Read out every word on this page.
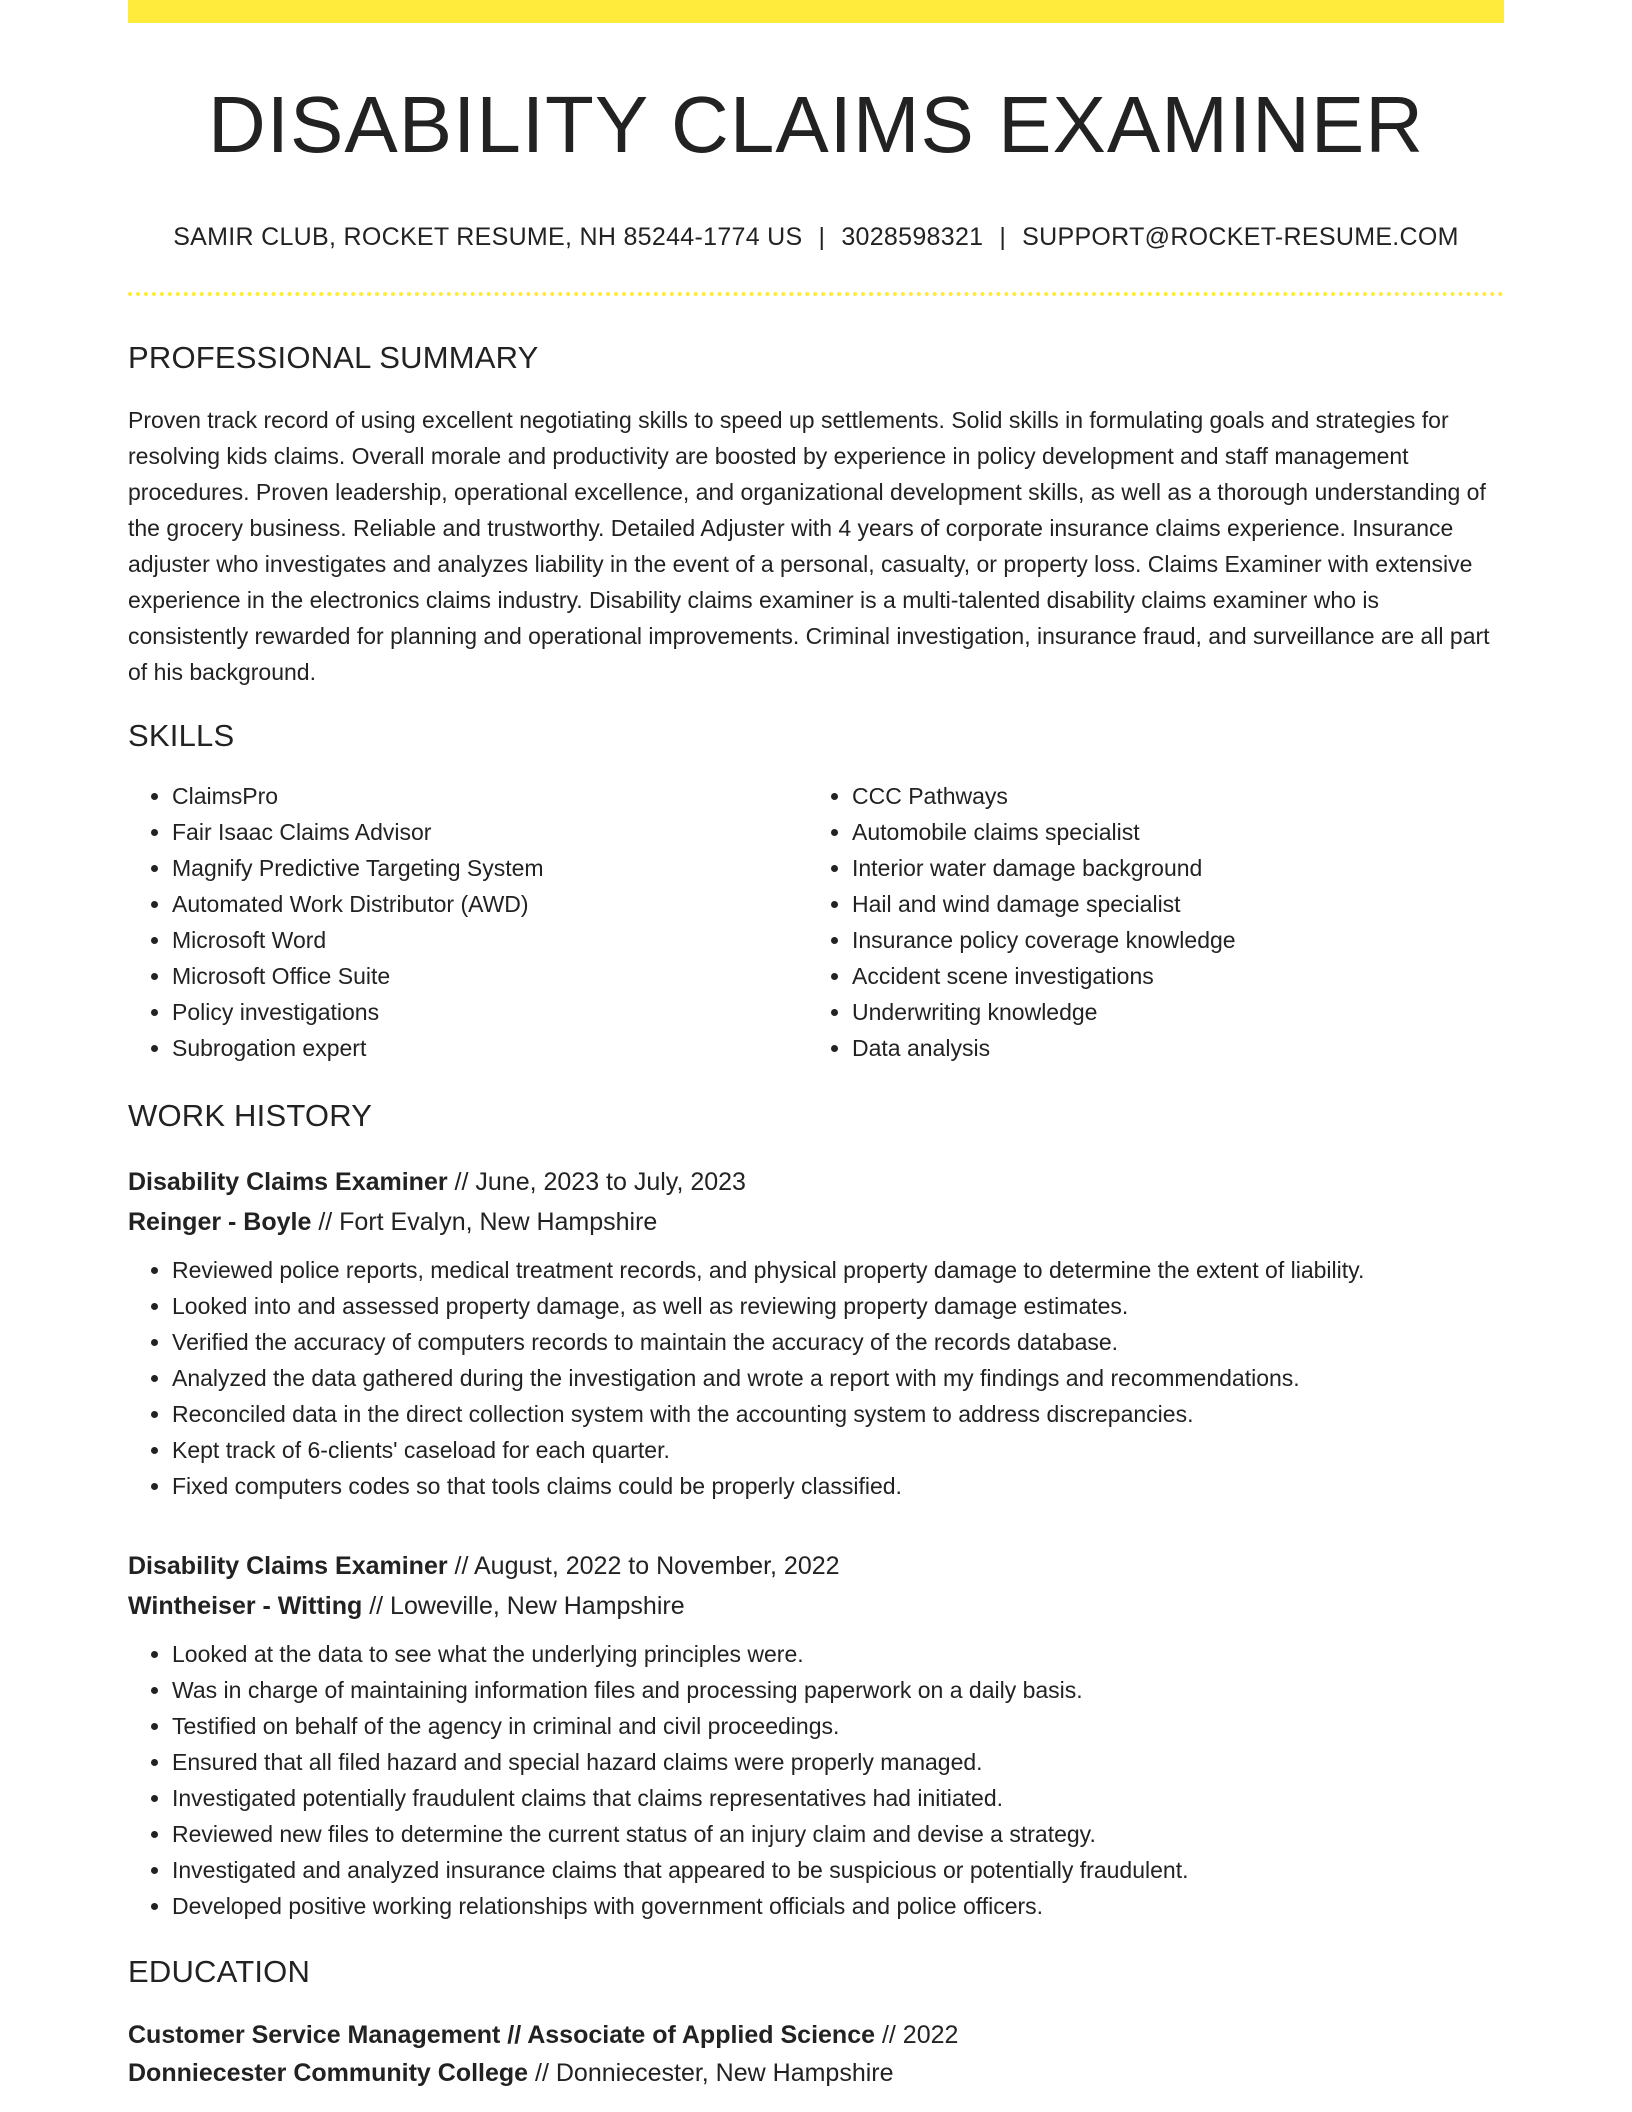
DISABILITY CLAIMS EXAMINER
SAMIR CLUB, ROCKET RESUME, NH 85244-1774 US | 3028598321 | SUPPORT@ROCKET-RESUME.COM
PROFESSIONAL SUMMARY
Proven track record of using excellent negotiating skills to speed up settlements. Solid skills in formulating goals and strategies for resolving kids claims. Overall morale and productivity are boosted by experience in policy development and staff management procedures. Proven leadership, operational excellence, and organizational development skills, as well as a thorough understanding of the grocery business. Reliable and trustworthy. Detailed Adjuster with 4 years of corporate insurance claims experience. Insurance adjuster who investigates and analyzes liability in the event of a personal, casualty, or property loss. Claims Examiner with extensive experience in the electronics claims industry. Disability claims examiner is a multi-talented disability claims examiner who is consistently rewarded for planning and operational improvements. Criminal investigation, insurance fraud, and surveillance are all part of his background.
SKILLS
• ClaimsPro
• Fair Isaac Claims Advisor
• Magnify Predictive Targeting System
• Automated Work Distributor (AWD)
• Microsoft Word
• Microsoft Office Suite
• Policy investigations
• Subrogation expert
• CCC Pathways
• Automobile claims specialist
• Interior water damage background
• Hail and wind damage specialist
• Insurance policy coverage knowledge
• Accident scene investigations
• Underwriting knowledge
• Data analysis
WORK HISTORY
Disability Claims Examiner // June, 2023 to July, 2023
Reinger - Boyle // Fort Evalyn, New Hampshire
• Reviewed police reports, medical treatment records, and physical property damage to determine the extent of liability.
• Looked into and assessed property damage, as well as reviewing property damage estimates.
• Verified the accuracy of computers records to maintain the accuracy of the records database.
• Analyzed the data gathered during the investigation and wrote a report with my findings and recommendations.
• Reconciled data in the direct collection system with the accounting system to address discrepancies.
• Kept track of 6-clients' caseload for each quarter.
• Fixed computers codes so that tools claims could be properly classified.
Disability Claims Examiner // August, 2022 to November, 2022
Wintheiser - Witting // Loweville, New Hampshire
• Looked at the data to see what the underlying principles were.
• Was in charge of maintaining information files and processing paperwork on a daily basis.
• Testified on behalf of the agency in criminal and civil proceedings.
• Ensured that all filed hazard and special hazard claims were properly managed.
• Investigated potentially fraudulent claims that claims representatives had initiated.
• Reviewed new files to determine the current status of an injury claim and devise a strategy.
• Investigated and analyzed insurance claims that appeared to be suspicious or potentially fraudulent.
• Developed positive working relationships with government officials and police officers.
EDUCATION
Customer Service Management // Associate of Applied Science // 2022
Donniecester Community College // Donniecester, New Hampshire
